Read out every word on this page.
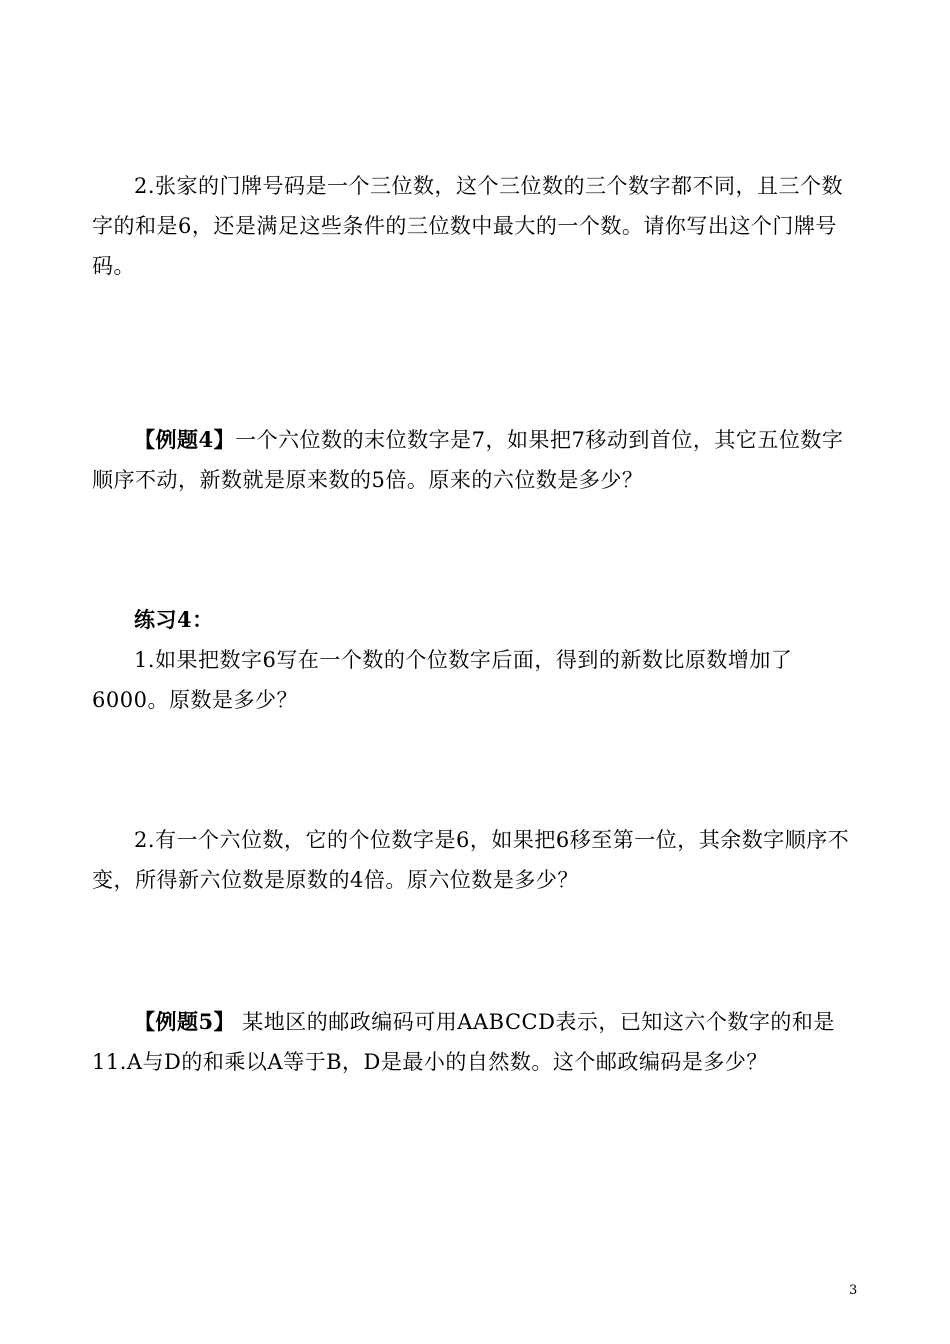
2.张家的门牌号码是一个三位数，这个三位数的三个数字都不同，且三个数字的和是6，还是满足这些条件的三位数中最大的一个数。请你写出这个门牌号码。

【例题4】一个六位数的末位数字是7，如果把7移动到首位，其它五位数字顺序不动，新数就是原来数的5倍。原来的六位数是多少？

练习4：

1.如果把数字6写在一个数的个位数字后面，得到的新数比原数增加了6000。原数是多少？

2.有一个六位数，它的个位数字是6，如果把6移至第一位，其余数字顺序不变，所得新六位数是原数的4倍。原六位数是多少？

【例题5】 某地区的邮政编码可用AABCCD表示，已知这六个数字的和是11.A与D的和乘以A等于B，D是最小的自然数。这个邮政编码是多少？

3
